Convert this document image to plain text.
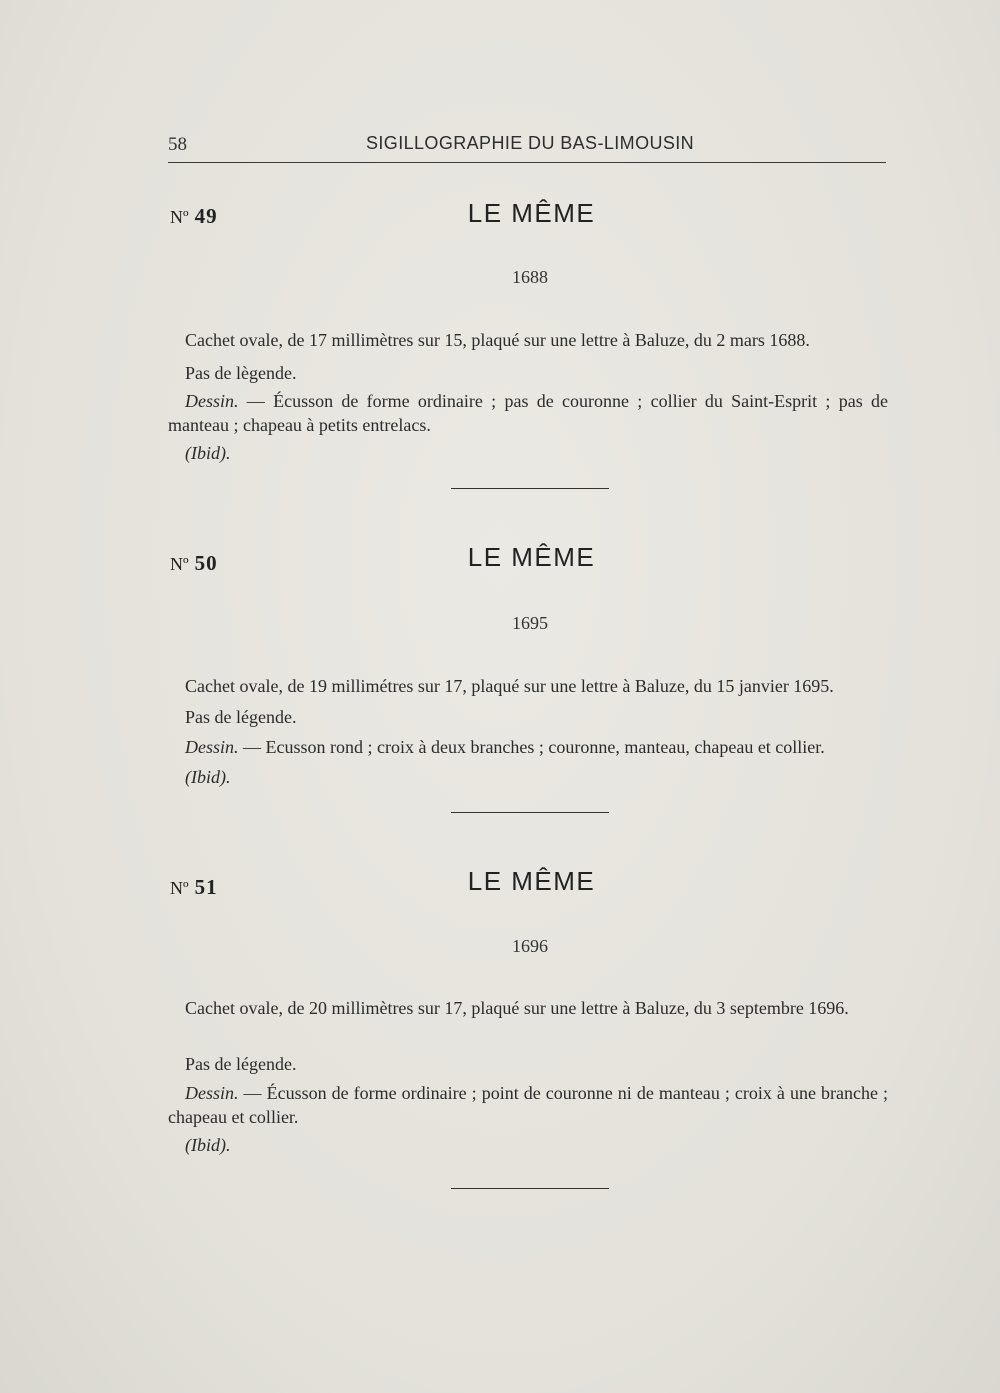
58	SIGILLOGRAPHIE DU BAS-LIMOUSIN
Nº 49	LE MÊME
1688
Cachet ovale, de 17 millimètres sur 15, plaqué sur une lettre à Baluze, du 2 mars 1688.
Pas de lègende.
Dessin. — Écusson de forme ordinaire ; pas de couronne ; collier du Saint-Esprit ; pas de manteau ; chapeau à petits entrelacs.
(Ibid).
Nº 50	LE MÊME
1695
Cachet ovale, de 19 millimétres sur 17, plaqué sur une lettre à Baluze, du 15 janvier 1695.
Pas de légende.
Dessin. — Ecusson rond ; croix à deux branches ; couronne, manteau, chapeau et collier.
(Ibid).
Nº 51	LE MÊME
1696
Cachet ovale, de 20 millimètres sur 17, plaqué sur une lettre à Baluze, du 3 septembre 1696.
Pas de légende.
Dessin. — Écusson de forme ordinaire ; point de couronne ni de manteau ; croix à une branche ; chapeau et collier.
(Ibid).
